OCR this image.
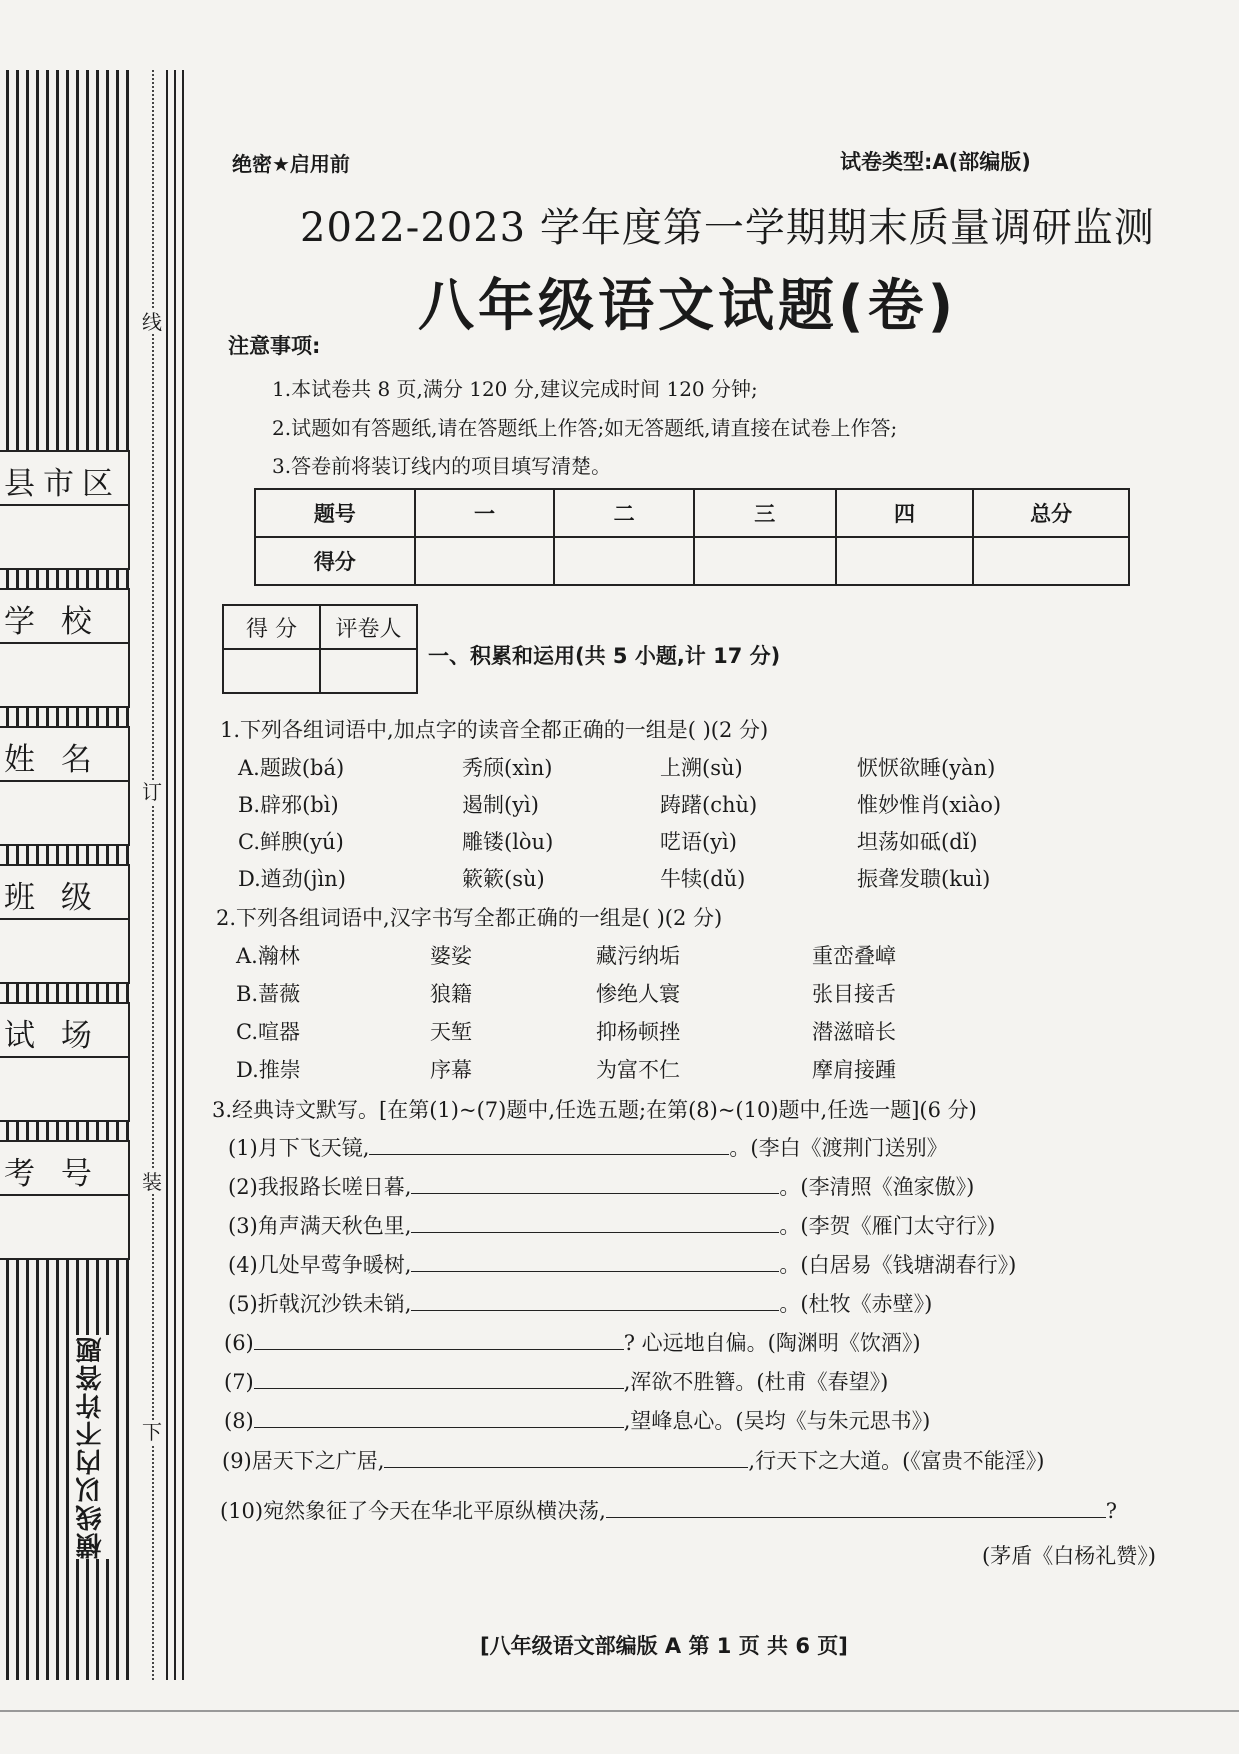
线
订
装
下
县市区
学 校
姓 名
班 级
试 场
考 号
横线以内不许答题
绝密★启用前	试卷类型:A(部编版)
2022-2023 学年度第一学期期末质量调研监测
八年级语文试题(卷)
注意事项:
1.本试卷共 8 页,满分 120 分,建议完成时间 120 分钟;
2.试题如有答题纸,请在答题纸上作答;如无答题纸,请直接在试卷上作答;
3.答卷前将装订线内的项目填写清楚。
题号	一	二	三	四	总分
得分					
得 分	评卷人

一、积累和运用(共 5 小题,计 17 分)
1.下列各组词语中,加点字的读音全都正确的一组是( )(2 分)
A.题跋(bá)	秀颀(xìn)	上溯(sù)	恹恹欲睡(yàn)
B.辟邪(bì)	遏制(yì)	踌躇(chù)	惟妙惟肖(xiào)
C.鲜腴(yú)	雕镂(lòu)	呓语(yì)	坦荡如砥(dǐ)
D.遒劲(jìn)	簌簌(sù)	牛犊(dǔ)	振聋发聩(kuì)
2.下列各组词语中,汉字书写全都正确的一组是( )(2 分)
A.瀚林	婆娑	藏污纳垢	重峦叠嶂
B.蔷薇	狼籍	惨绝人寰	张目接舌
C.喧器	天堑	抑杨顿挫	潜滋暗长
D.推崇	序幕	为富不仁	摩肩接踵
3.经典诗文默写。[在第(1)~(7)题中,任选五题;在第(8)~(10)题中,任选一题](6 分)
(1)月下飞天镜,	。(李白《渡荆门送别》
(2)我报路长嗟日暮,	。(李清照《渔家傲》)
(3)角声满天秋色里,	。(李贺《雁门太守行》)
(4)几处早莺争暖树,	。(白居易《钱塘湖春行》)
(5)折戟沉沙铁未销,	。(杜牧《赤壁》)
(6)	? 心远地自偏。(陶渊明《饮酒》)
(7)	,浑欲不胜簪。(杜甫《春望》)
(8)	,望峰息心。(吴均《与朱元思书》)
(9)居天下之广居,	,行天下之大道。(《富贵不能淫》)
(10)宛然象征了今天在华北平原纵横决荡,	?
(茅盾《白杨礼赞》)
[八年级语文部编版 A 第 1 页 共 6 页]
